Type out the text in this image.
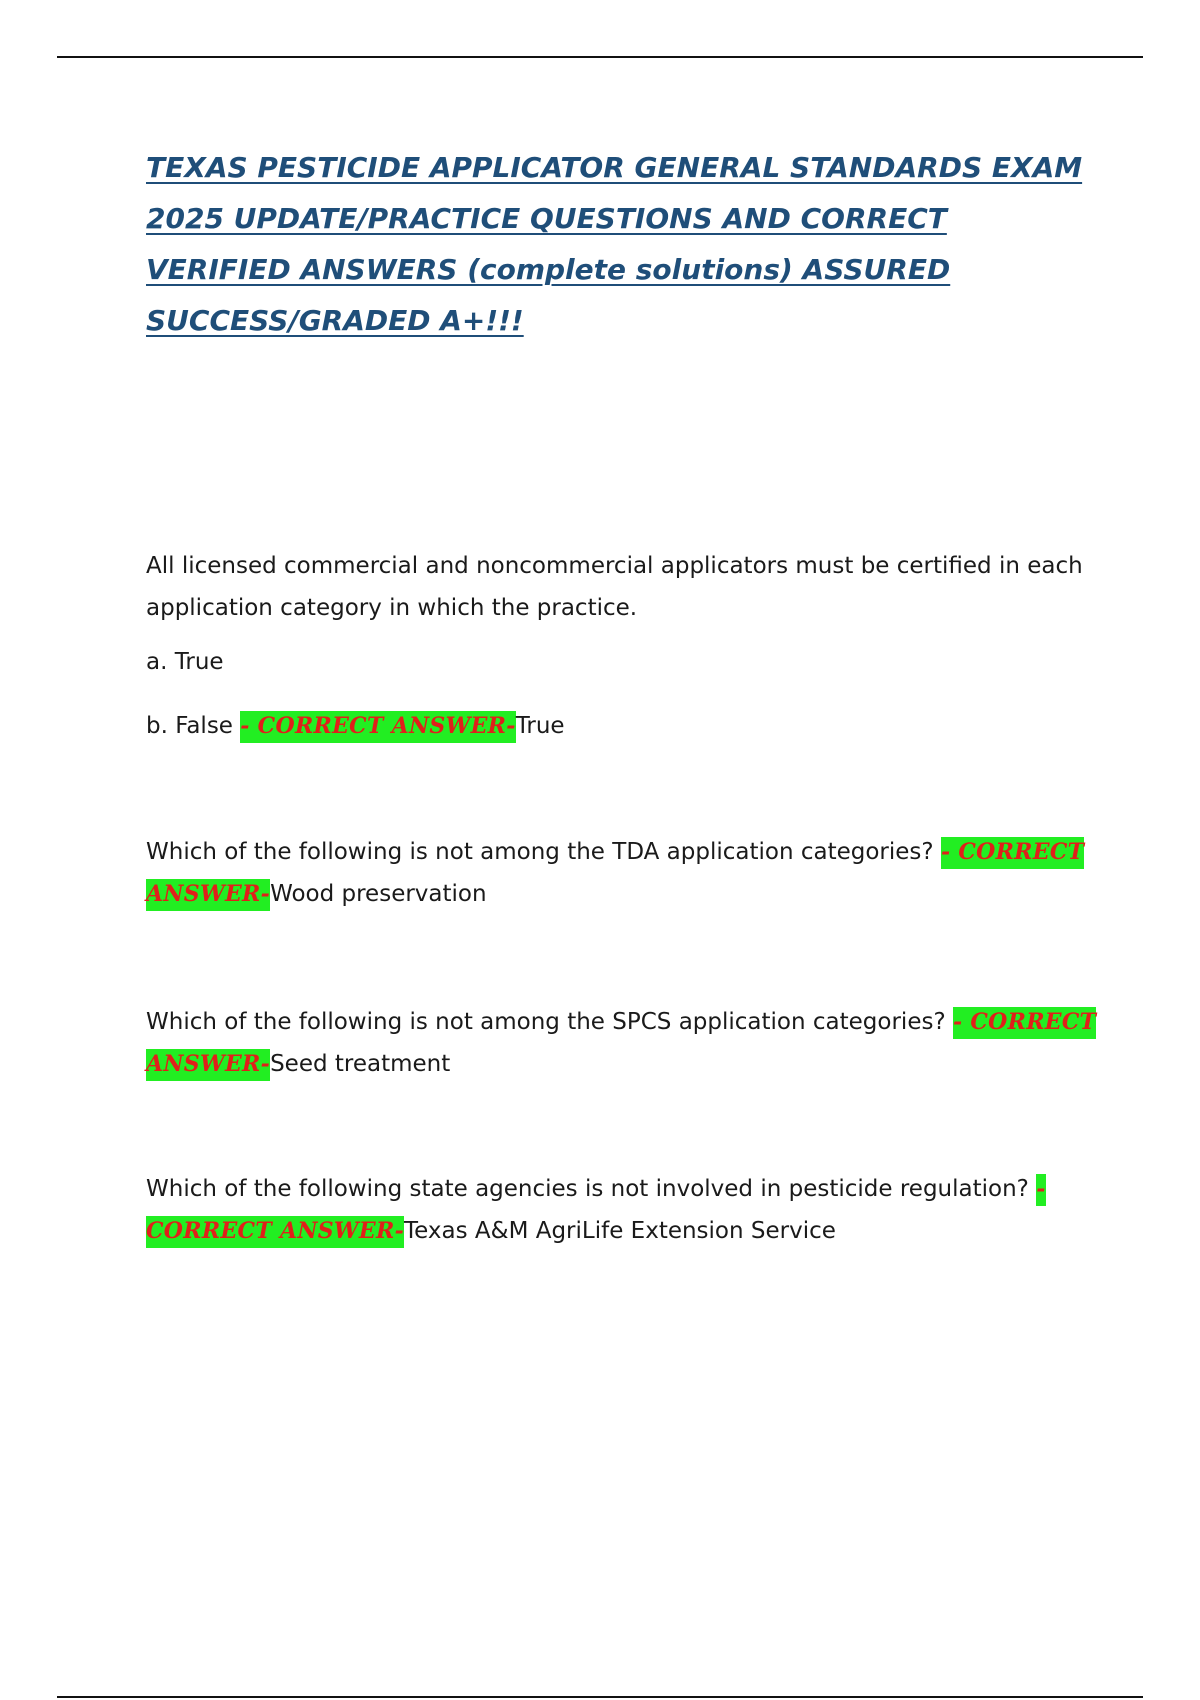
TEXAS PESTICIDE APPLICATOR GENERAL STANDARDS EXAM 2025 UPDATE/PRACTICE QUESTIONS AND CORRECT VERIFIED ANSWERS (complete solutions) ASSURED SUCCESS/GRADED A+!!!

All licensed commercial and noncommercial applicators must be certified in each application category in which the practice.

a. True

b. False - CORRECT ANSWER-True

Which of the following is not among the TDA application categories? - CORRECT ANSWER-Wood preservation

Which of the following is not among the SPCS application categories? - CORRECT ANSWER-Seed treatment

Which of the following state agencies is not involved in pesticide regulation? - CORRECT ANSWER-Texas A&M AgriLife Extension Service
